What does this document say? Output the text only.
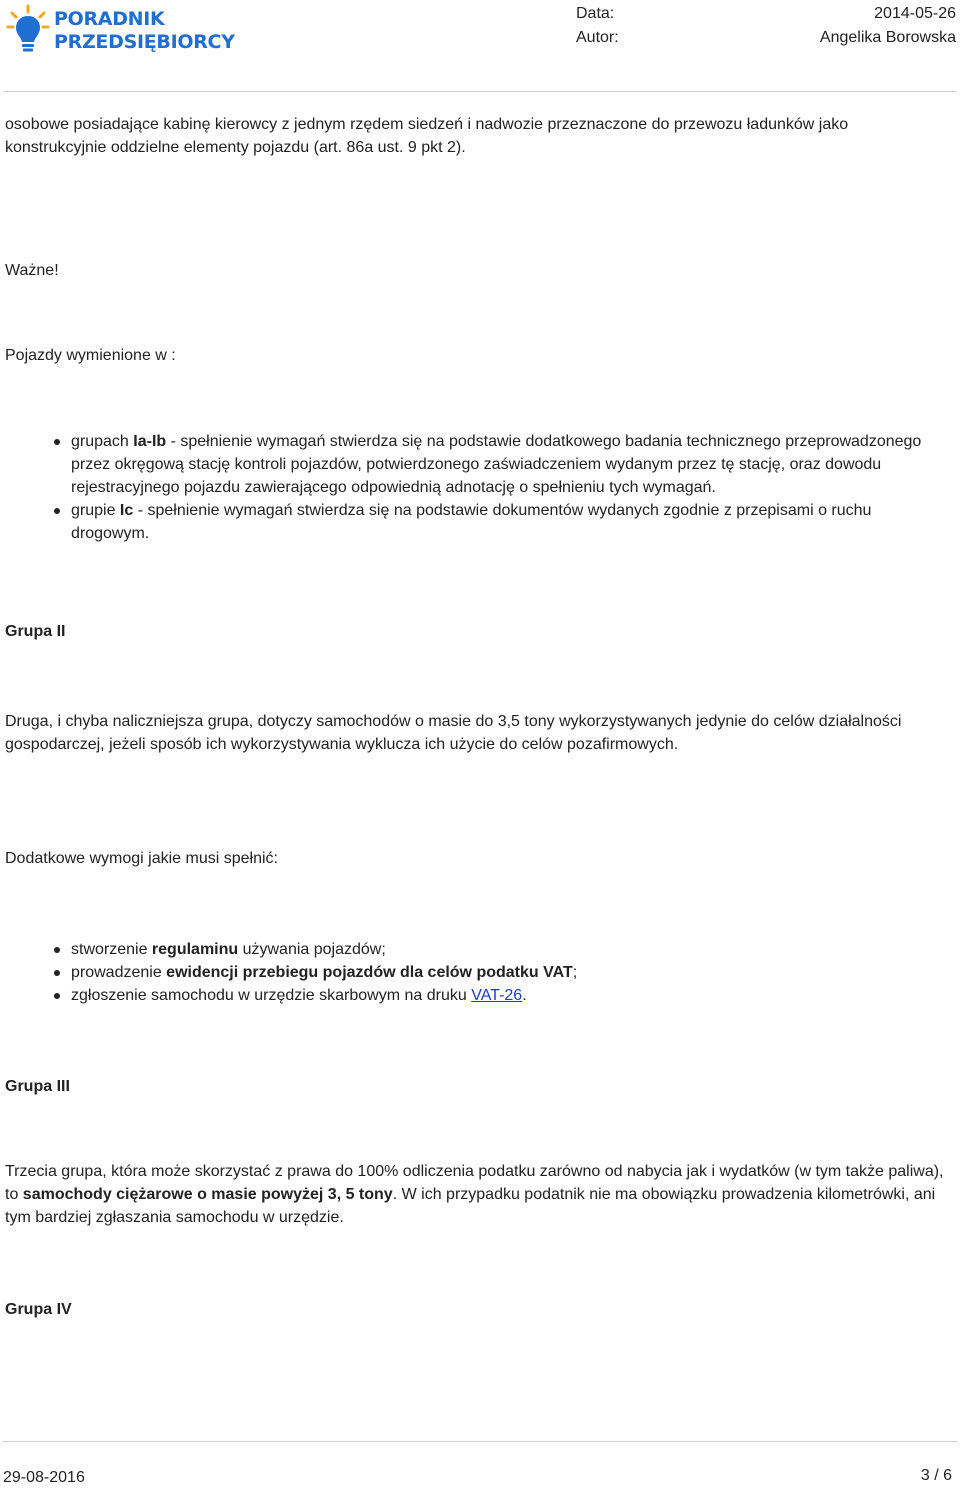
PORADNIK
PRZEDSIĘBIORCY
Data:	2014-05-26
Autor:	Angelika Borowska

osobowe posiadające kabinę kierowcy z jednym rzędem siedzeń i nadwozie przeznaczone do przewozu ładunków jako konstrukcyjnie oddzielne elementy pojazdu (art. 86a ust. 9 pkt 2).

Ważne!

Pojazdy wymienione w :

grupach Ia-Ib - spełnienie wymagań stwierdza się na podstawie dodatkowego badania technicznego przeprowadzonego przez okręgową stację kontroli pojazdów, potwierdzonego zaświadczeniem wydanym przez tę stację, oraz dowodu rejestracyjnego pojazdu zawierającego odpowiednią adnotację o spełnieniu tych wymagań.
grupie Ic - spełnienie wymagań stwierdza się na podstawie dokumentów wydanych zgodnie z przepisami o ruchu drogowym.

Grupa II

Druga, i chyba naliczniejsza grupa, dotyczy samochodów o masie do 3,5 tony wykorzystywanych jedynie do celów działalności gospodarczej, jeżeli sposób ich wykorzystywania wyklucza ich użycie do celów pozafirmowych.

Dodatkowe wymogi jakie musi spełnić:

stworzenie regulaminu używania pojazdów;
prowadzenie ewidencji przebiegu pojazdów dla celów podatku VAT;
zgłoszenie samochodu w urzędzie skarbowym na druku VAT-26.

Grupa III

Trzecia grupa, która może skorzystać z prawa do 100% odliczenia podatku zarówno od nabycia jak i wydatków (w tym także paliwa), to samochody ciężarowe o masie powyżej 3, 5 tony. W ich przypadku podatnik nie ma obowiązku prowadzenia kilometrówki, ani tym bardziej zgłaszania samochodu w urzędzie.

Grupa IV

29-08-2016	3 / 6
